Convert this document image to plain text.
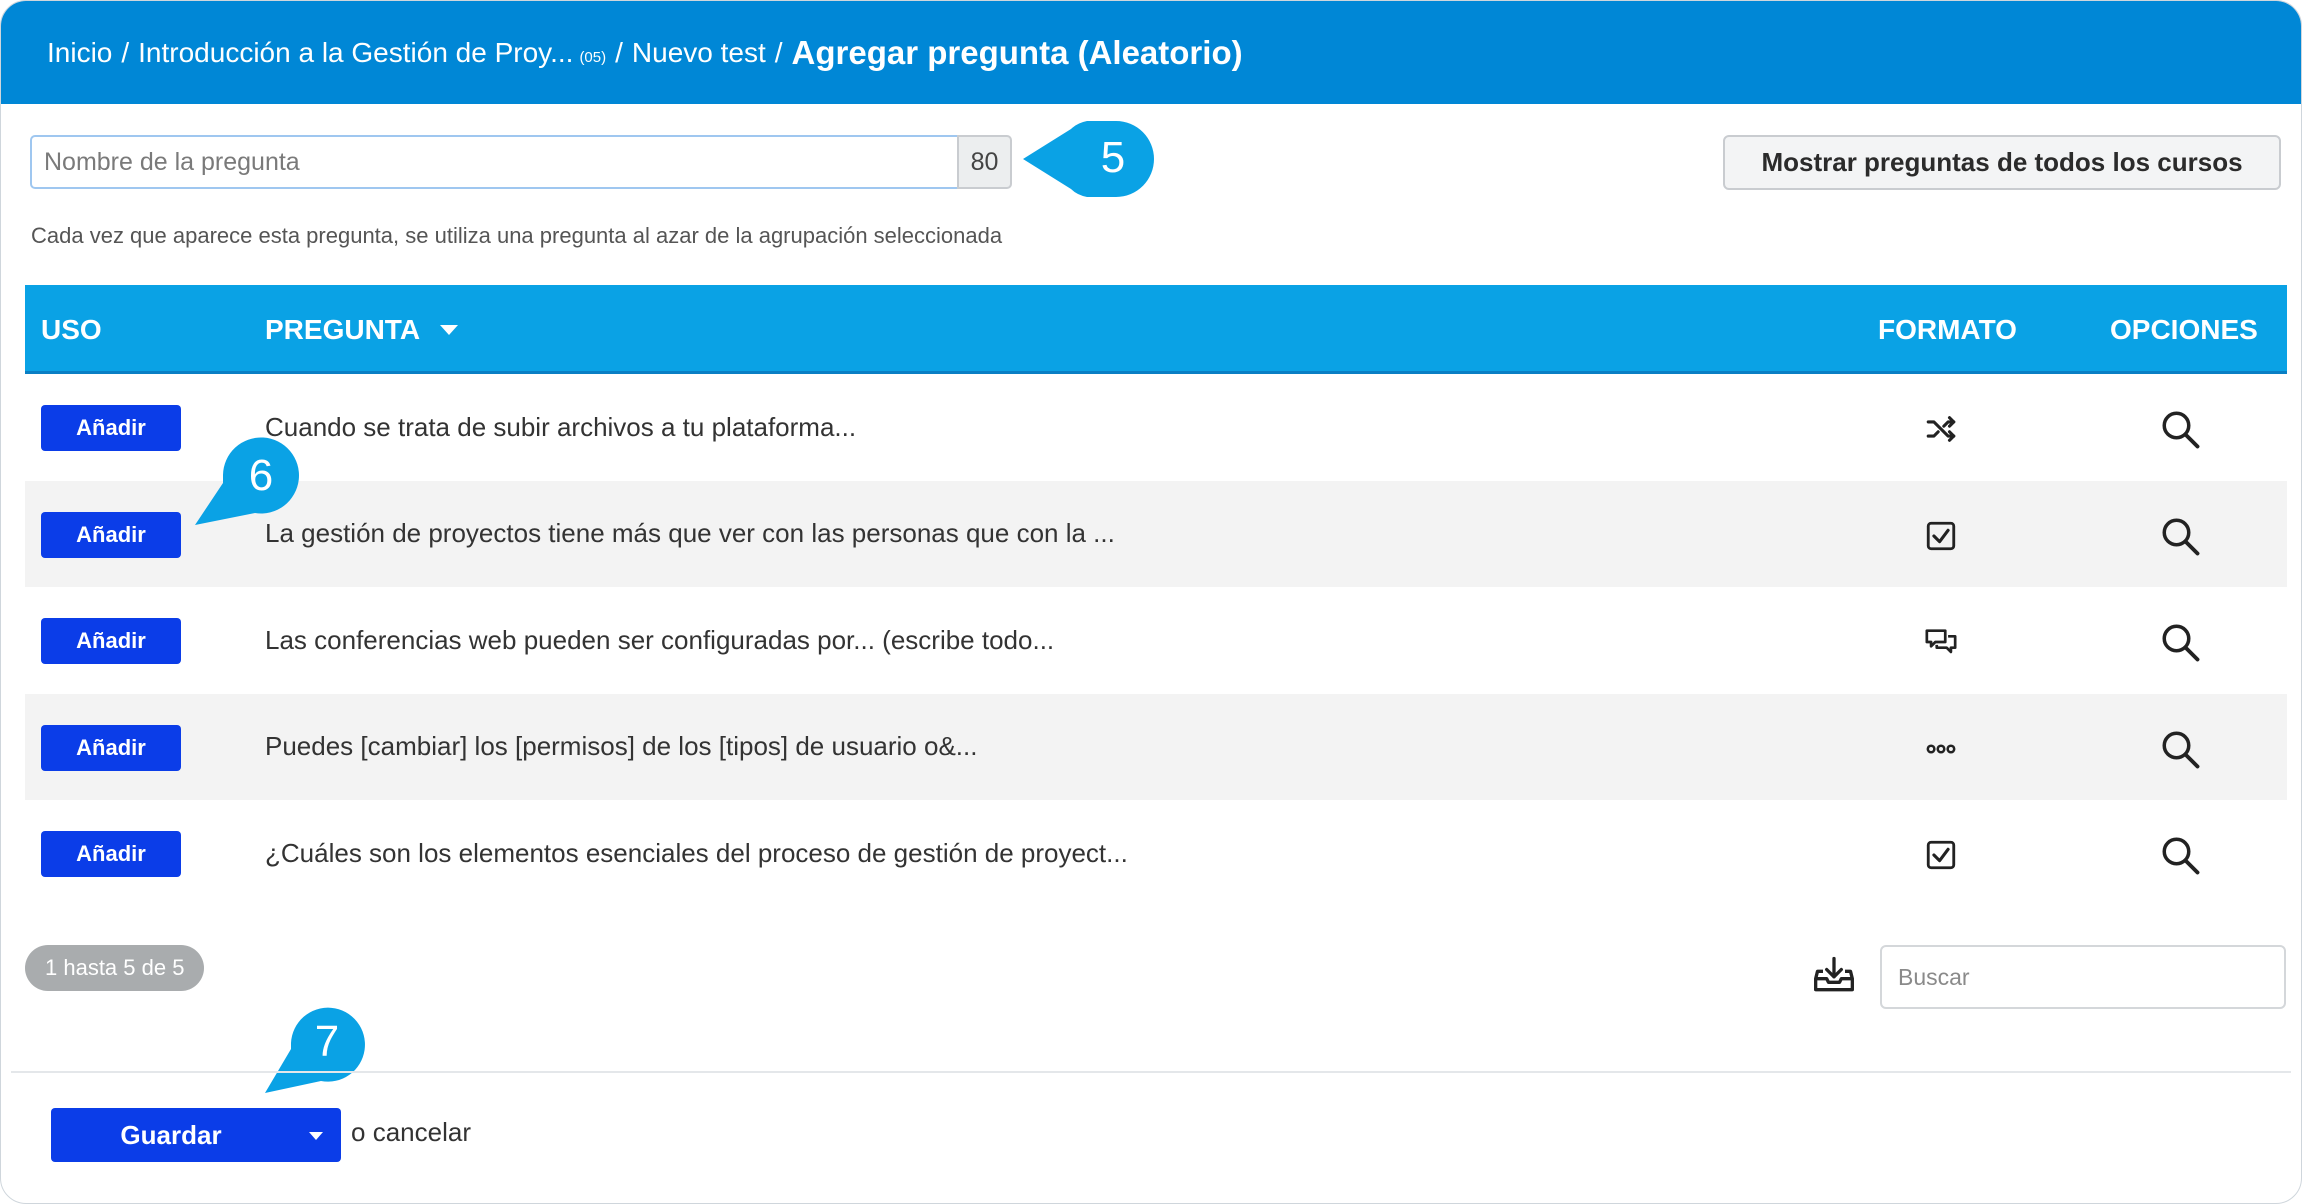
Inicio / Introducción a la Gestión de Proy... (05) / Nuevo test / Agregar pregunta (Aleatorio)
Nombre de la pregunta
80	5	Mostrar preguntas de todos los cursos
Cada vez que aparece esta pregunta, se utiliza una pregunta al azar de la agrupación seleccionada
USO	PREGUNTA	FORMATO	OPCIONES
Añadir	Cuando se trata de subir archivos a tu plataforma...
Añadir	La gestión de proyectos tiene más que ver con las personas que con la ...
Añadir	Las conferencias web pueden ser configuradas por... (escribe todo...
Añadir	Puedes [cambiar] los [permisos] de los [tipos] de usuario o&...
Añadir	¿Cuáles son los elementos esenciales del proceso de gestión de proyect...
6
1 hasta 5 de 5
Buscar
7
Guardar	o cancelar
